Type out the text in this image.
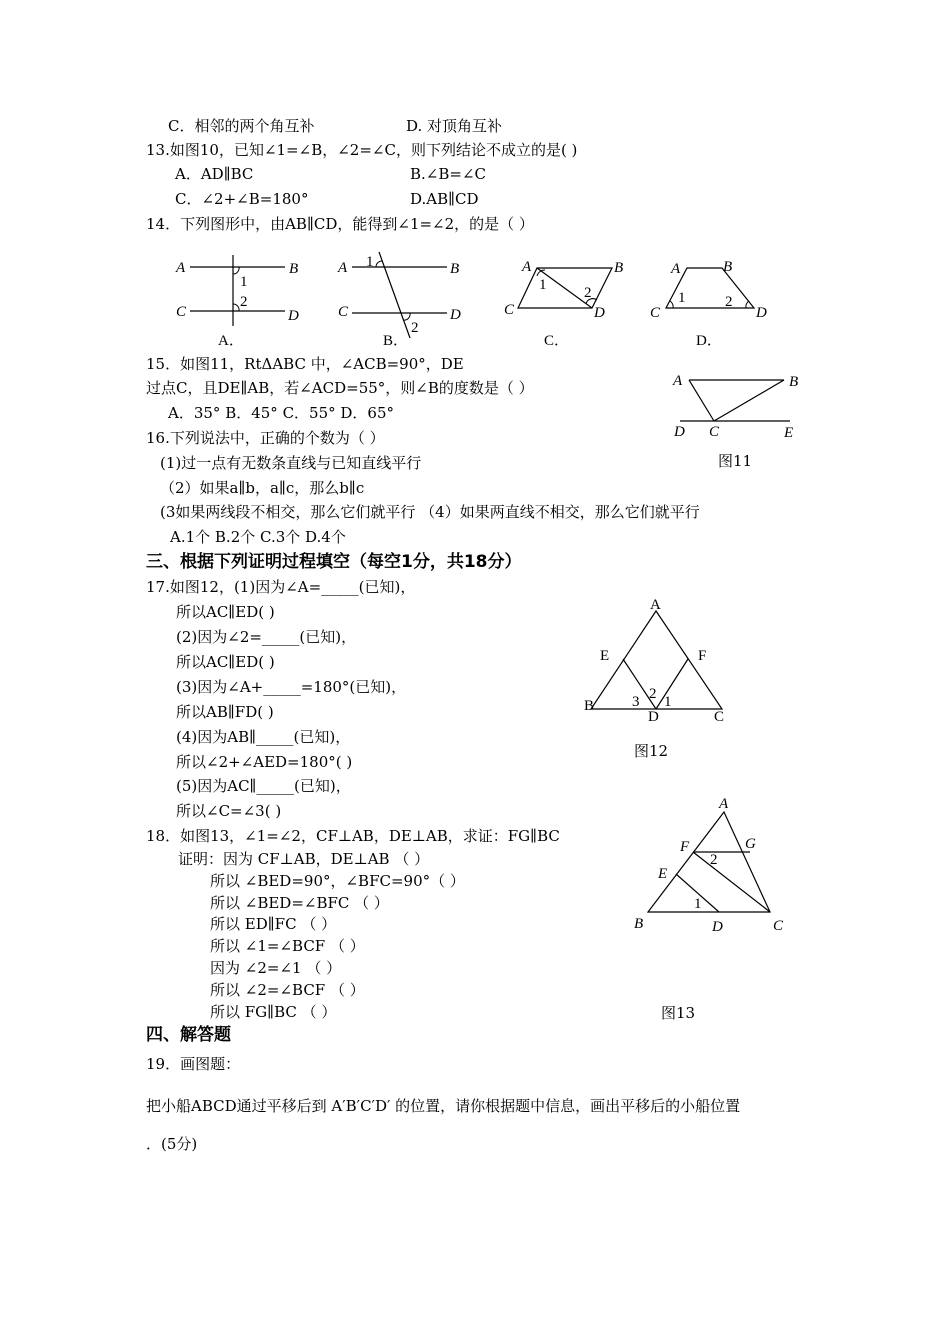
C．相邻的两个角互补	D. 对顶角互补
13.如图10，已知∠1=∠B，∠2=∠C，则下列结论不成立的是( )
A．AD∥BC	B.∠B=∠C
C．∠2+∠B=180°	D.AB∥CD
14．下列图形中，由AB∥CD，能得到∠1=∠2，的是（ ）
A	B
C	D
1
2
A	B
C	D
1
2
A	B
C	D
1	2
A	B
C	D
1	2
A．	B．	C．	D．
15．如图11，RtΔABC 中，∠ACB=90°，DE
过点C，且DE∥AB，若∠ACD=55°，则∠B的度数是（ ）
A．35° B．45° C．55° D．65°
A	B
D C	E
图11
16.下列说法中，正确的个数为（ ）
(1)过一点有无数条直线与已知直线平行
（2）如果a∥b，a∥c，那么b∥c
(3如果两线段不相交，那么它们就平行 （4）如果两直线不相交，那么它们就平行
A.1个 B.2个 C.3个 D.4个
三、根据下列证明过程填空（每空1分，共18分）
17.如图12，(1)因为∠A=_____(已知)，
所以AC∥ED( )
(2)因为∠2=_____(已知)，
所以AC∥ED( )
(3)因为∠A+_____=180°(已知)，
所以AB∥FD( )
(4)因为AB∥_____(已知)，
所以∠2+∠AED=180°( )
(5)因为AC∥_____(已知)，
所以∠C=∠3( )
A
E	F
B
D	C
2
3 1
图12
18．如图13，∠1=∠2，CF⊥AB，DE⊥AB，求证：FG∥BC
证明：因为 CF⊥AB，DE⊥AB （ ）
所以 ∠BED=90°，∠BFC=90°（ ）
所以 ∠BED=∠BFC （ ）
所以 ED∥FC （ ）
所以 ∠1=∠BCF （ ）
因为 ∠2=∠1 （ ）
所以 ∠2=∠BCF （ ）
所以 FG∥BC （ ）
A
F	G
E
B	D	C
2
1
图13
四、解答题
19．画图题：
把小船ABCD通过平移后到 A′B′C′D′ 的位置，请你根据题中信息，画出平移后的小船位置
．(5分)
